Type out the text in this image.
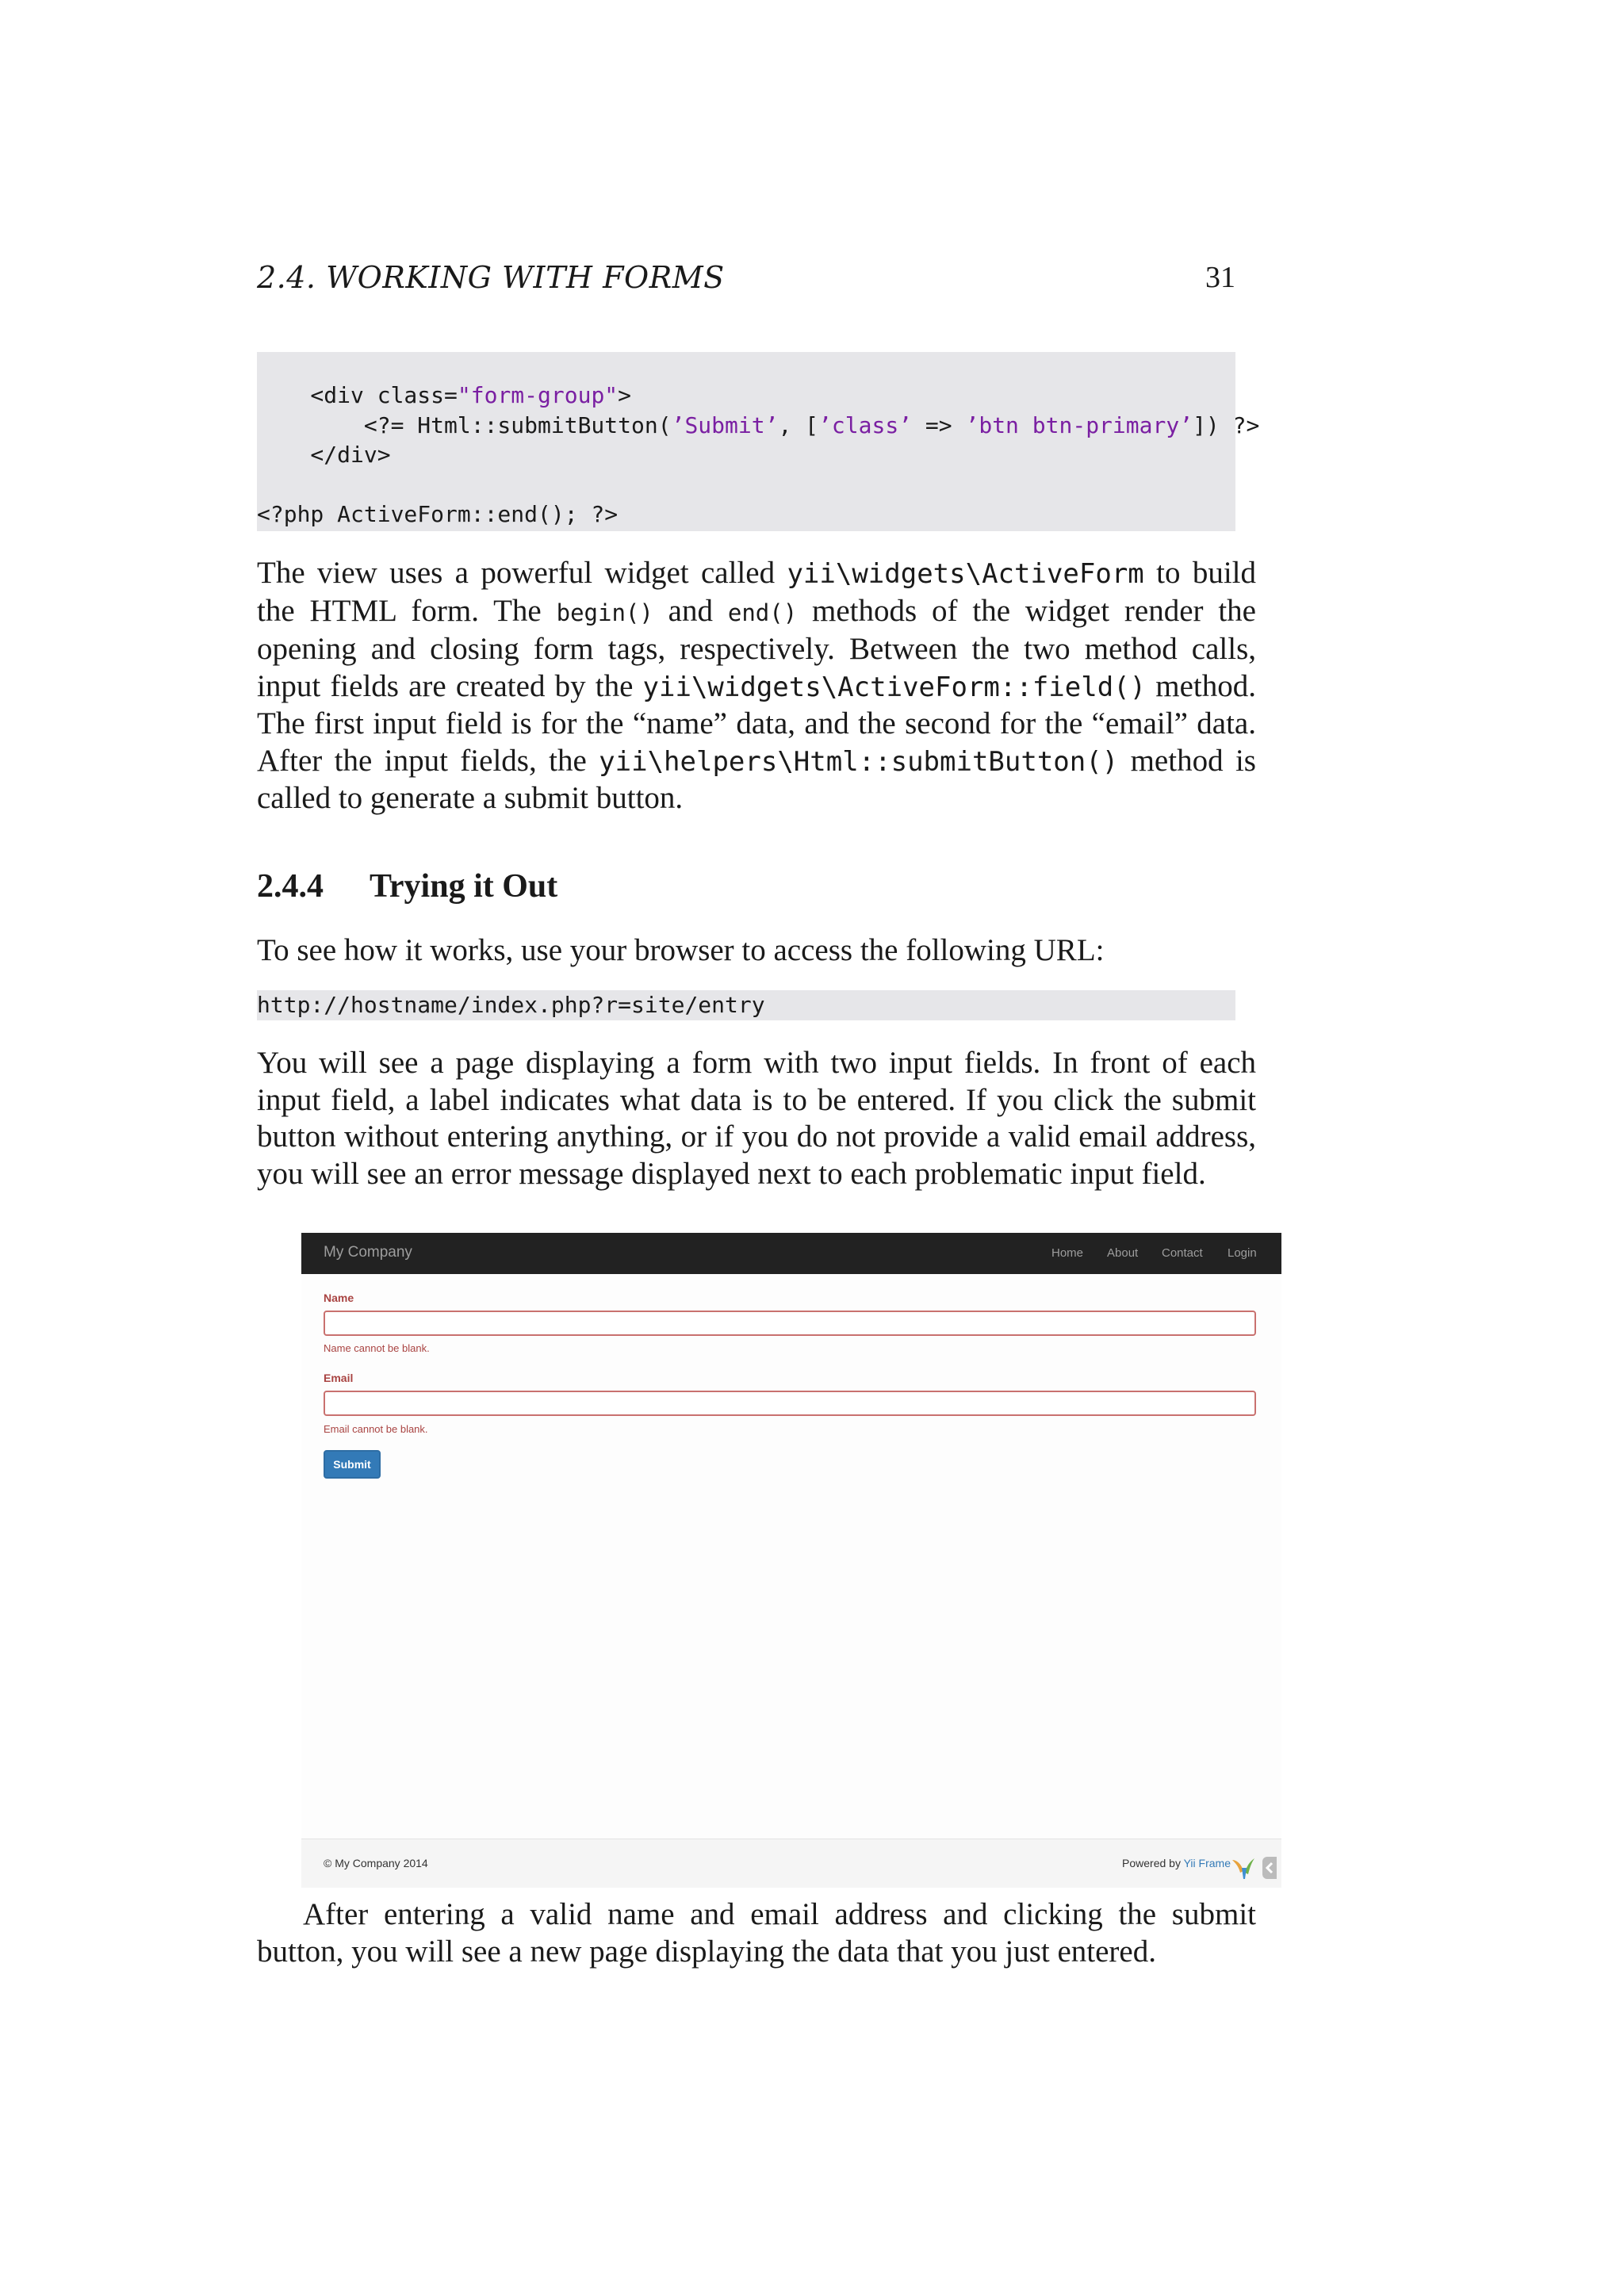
2.4. WORKING WITH FORMS	31
<div class="form-group">
<?= Html::submitButton(’Submit’, [’class’ => ’btn btn-primary’]) ?>
</div>

<?php ActiveForm::end(); ?>
The view uses a powerful widget called yii\widgets\ActiveForm to build the HTML form. The begin() and end() methods of the widget render the opening and closing form tags, respectively. Between the two method calls, input fields are created by the yii\widgets\ActiveForm::field() method. The first input field is for the “name” data, and the second for the “email” data. After the input fields, the yii\helpers\Html::submitButton() method is called to generate a submit button.
2.4.4 Trying it Out
To see how it works, use your browser to access the following URL:
http://hostname/index.php?r=site/entry
You will see a page displaying a form with two input fields. In front of each input field, a label indicates what data is to be entered. If you click the submit button without entering anything, or if you do not provide a valid email address, you will see an error message displayed next to each problematic input field.
My Company	Home About Contact Login
Name
Name cannot be blank.
Email
Email cannot be blank.
Submit
© My Company 2014	Powered by Yii Frame
After entering a valid name and email address and clicking the submit button, you will see a new page displaying the data that you just entered.
